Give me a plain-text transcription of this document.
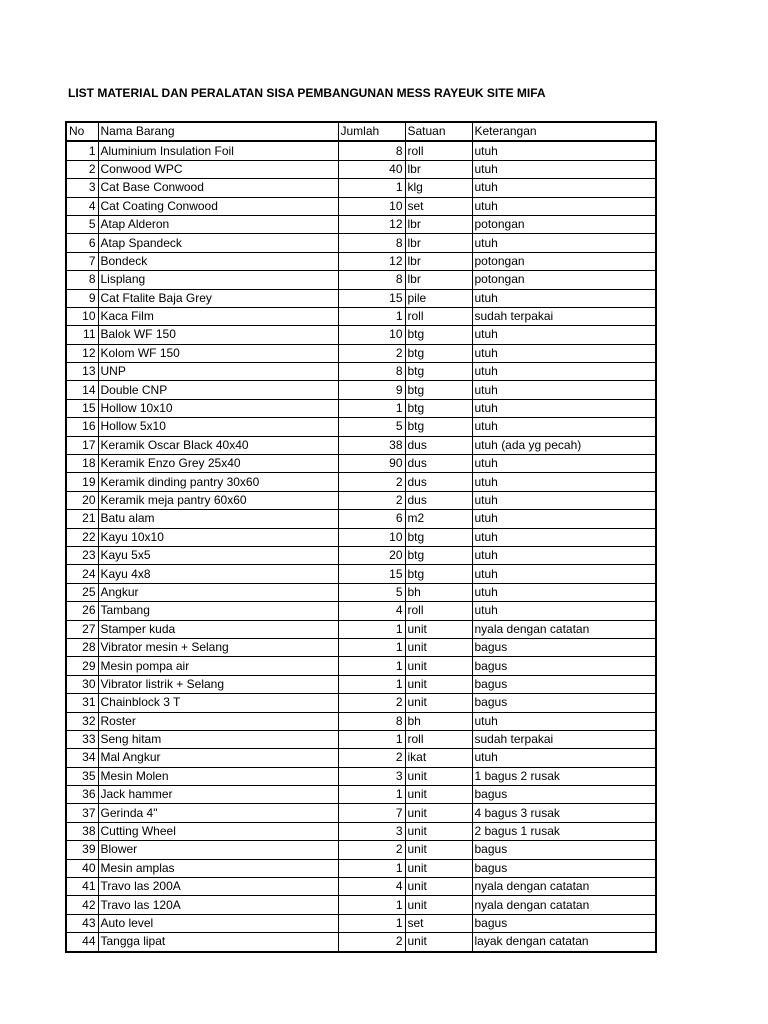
LIST MATERIAL DAN PERALATAN SISA PEMBANGUNAN MESS RAYEUK SITE MIFA
No	Nama Barang	Jumlah	Satuan	Keterangan
1	Aluminium Insulation Foil	8	roll	utuh
2	Conwood WPC	40	lbr	utuh
3	Cat Base Conwood	1	klg	utuh
4	Cat Coating Conwood	10	set	utuh
5	Atap Alderon	12	lbr	potongan
6	Atap Spandeck	8	lbr	utuh
7	Bondeck	12	lbr	potongan
8	Lisplang	8	lbr	potongan
9	Cat Ftalite Baja Grey	15	pile	utuh
10	Kaca Film	1	roll	sudah terpakai
11	Balok WF 150	10	btg	utuh
12	Kolom WF 150	2	btg	utuh
13	UNP	8	btg	utuh
14	Double CNP	9	btg	utuh
15	Hollow 10x10	1	btg	utuh
16	Hollow 5x10	5	btg	utuh
17	Keramik Oscar Black 40x40	38	dus	utuh (ada yg pecah)
18	Keramik Enzo Grey 25x40	90	dus	utuh
19	Keramik dinding pantry 30x60	2	dus	utuh
20	Keramik meja pantry 60x60	2	dus	utuh
21	Batu alam	6	m2	utuh
22	Kayu 10x10	10	btg	utuh
23	Kayu 5x5	20	btg	utuh
24	Kayu 4x8	15	btg	utuh
25	Angkur	5	bh	utuh
26	Tambang	4	roll	utuh
27	Stamper kuda	1	unit	nyala dengan catatan
28	Vibrator mesin + Selang	1	unit	bagus
29	Mesin pompa air	1	unit	bagus
30	Vibrator listrik + Selang	1	unit	bagus
31	Chainblock 3 T	2	unit	bagus
32	Roster	8	bh	utuh
33	Seng hitam	1	roll	sudah terpakai
34	Mal Angkur	2	ikat	utuh
35	Mesin Molen	3	unit	1 bagus 2 rusak
36	Jack hammer	1	unit	bagus
37	Gerinda 4"	7	unit	4 bagus 3 rusak
38	Cutting Wheel	3	unit	2 bagus 1 rusak
39	Blower	2	unit	bagus
40	Mesin amplas	1	unit	bagus
41	Travo las 200A	4	unit	nyala dengan catatan
42	Travo las 120A	1	unit	nyala dengan catatan
43	Auto level	1	set	bagus
44	Tangga lipat	2	unit	layak dengan catatan
